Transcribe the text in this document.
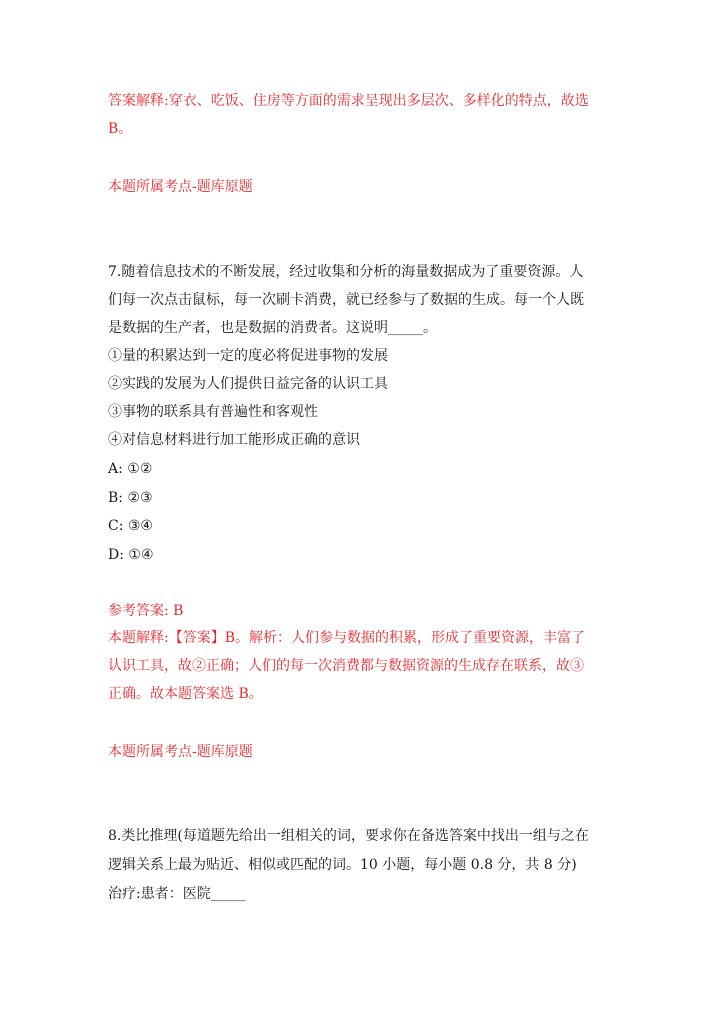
答案解释:穿衣、吃饭、住房等方面的需求呈现出多层次、多样化的特点，故选
B。
本题所属考点-题库原题
7.随着信息技术的不断发展，经过收集和分析的海量数据成为了重要资源。人
们每一次点击鼠标，每一次刷卡消费，就已经参与了数据的生成。每一个人既
是数据的生产者，也是数据的消费者。这说明_____。
①量的积累达到一定的度必将促进事物的发展
②实践的发展为人们提供日益完备的认识工具
③事物的联系具有普遍性和客观性
④对信息材料进行加工能形成正确的意识
A: ①②
B: ②③
C: ③④
D: ①④
参考答案: B
本题解释:【答案】B。解析：人们参与数据的积累，形成了重要资源，丰富了
认识工具，故②正确；人们的每一次消费都与数据资源的生成存在联系，故③
正确。故本题答案选 B。
本题所属考点-题库原题
8.类比推理(每道题先给出一组相关的词，要求你在备选答案中找出一组与之在
逻辑关系上最为贴近、相似或匹配的词。10 小题，每小题 0.8 分，共 8 分)
治疗:患者：医院_____
